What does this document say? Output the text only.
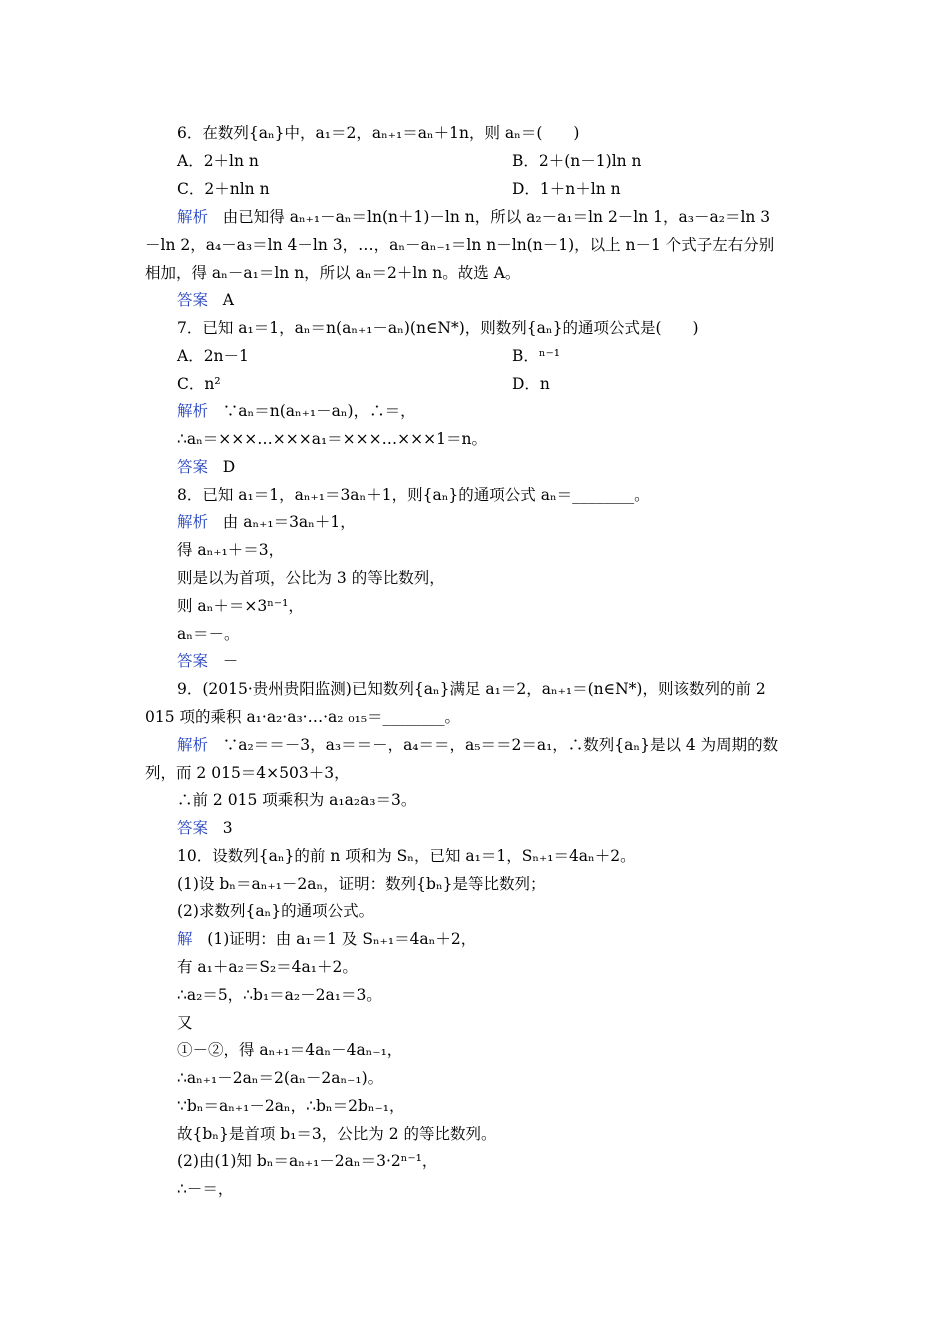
6．在数列{aₙ}中，a₁＝2，aₙ₊₁＝aₙ＋1n，则 aₙ＝(　　)
A．2＋ln n	B．2＋(n－1)ln n
C．2＋nln n	D．1＋n＋ln n
解析 由已知得 aₙ₊₁－aₙ＝ln(n＋1)－ln n，所以 a₂－a₁＝ln 2－ln 1，a₃－a₂＝ln 3
－ln 2，a₄－a₃＝ln 4－ln 3，…，aₙ－aₙ₋₁＝ln n－ln(n－1)，以上 n－1 个式子左右分别
相加，得 aₙ－a₁＝ln n，所以 aₙ＝2＋ln n。故选 A。
答案 A
7．已知 a₁＝1，aₙ＝n(aₙ₊₁－aₙ)(n∈N*)，则数列{aₙ}的通项公式是(　　)
A．2n－1	B．ⁿ⁻¹
C．n²	D．n
解析 ∵aₙ＝n(aₙ₊₁－aₙ)，∴＝，
∴aₙ＝×××…×××a₁＝×××…×××1＝n。
答案 D
8．已知 a₁＝1，aₙ₊₁＝3aₙ＋1，则{aₙ}的通项公式 aₙ＝________。
解析 由 aₙ₊₁＝3aₙ＋1，
得 aₙ₊₁＋＝3，
则是以为首项，公比为 3 的等比数列，
则 aₙ＋＝×3ⁿ⁻¹，
aₙ＝－。
答案 －
9．(2015·贵州贵阳监测)已知数列{aₙ}满足 a₁＝2，aₙ₊₁＝(n∈N*)，则该数列的前 2
015 项的乘积 a₁·a₂·a₃·…·a₂ ₀₁₅＝________。
解析 ∵a₂＝＝－3，a₃＝＝－，a₄＝＝，a₅＝＝2＝a₁，∴数列{aₙ}是以 4 为周期的数
列，而 2 015＝4×503＋3，
∴前 2 015 项乘积为 a₁a₂a₃＝3。
答案 3
10．设数列{aₙ}的前 n 项和为 Sₙ，已知 a₁＝1，Sₙ₊₁＝4aₙ＋2。
(1)设 bₙ＝aₙ₊₁－2aₙ，证明：数列{bₙ}是等比数列；
(2)求数列{aₙ}的通项公式。
解 (1)证明：由 a₁＝1 及 Sₙ₊₁＝4aₙ＋2，
有 a₁＋a₂＝S₂＝4a₁＋2。
∴a₂＝5，∴b₁＝a₂－2a₁＝3。
又
①－②，得 aₙ₊₁＝4aₙ－4aₙ₋₁，
∴aₙ₊₁－2aₙ＝2(aₙ－2aₙ₋₁)。
∵bₙ＝aₙ₊₁－2aₙ，∴bₙ＝2bₙ₋₁，
故{bₙ}是首项 b₁＝3，公比为 2 的等比数列。
(2)由(1)知 bₙ＝aₙ₊₁－2aₙ＝3·2ⁿ⁻¹，
∴－＝，
